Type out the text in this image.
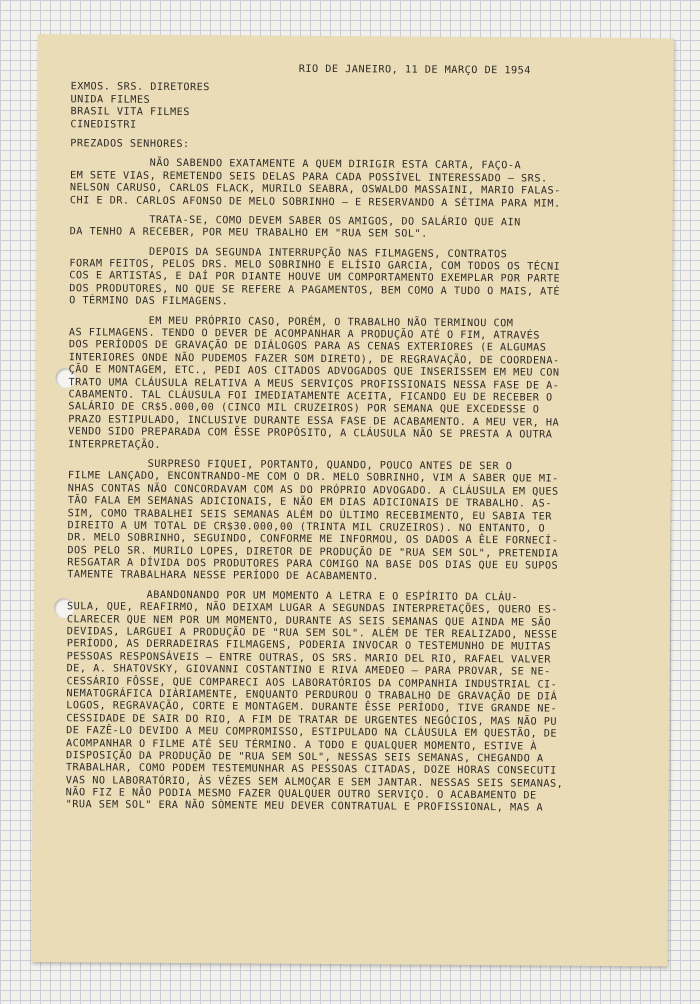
RIO DE JANEIRO, 11 DE MARÇO DE 1954
EXMOS. SRS. DIRETORES
UNIDA FILMES
BRASIL VITA FILMES
CINEDISTRI
PREZADOS SENHORES:
NÃO SABENDO EXATAMENTE A QUEM DIRIGIR ESTA CARTA, FAÇO-A
EM SETE VIAS, REMETENDO SEIS DELAS PARA CADA POSSÍVEL INTERESSADO — SRS.
NELSON CARUSO, CARLOS FLACK, MURILO SEABRA, OSWALDO MASSAINI, MARIO FALAS-
CHI E DR. CARLOS AFONSO DE MELO SOBRINHO — E RESERVANDO A SÉTIMA PARA MIM.
TRATA-SE, COMO DEVEM SABER OS AMIGOS, DO SALÁRIO QUE AIN
DA TENHO A RECEBER, POR MEU TRABALHO EM "RUA SEM SOL".
DEPOIS DA SEGUNDA INTERRUPÇÃO NAS FILMAGENS, CONTRATOS
FORAM FEITOS, PELOS DRS. MELO SOBRINHO E ELÍSIO GARCIA, COM TODOS OS TÉCNI
COS E ARTISTAS, E DAÍ POR DIANTE HOUVE UM COMPORTAMENTO EXEMPLAR POR PARTE
DOS PRODUTORES, NO QUE SE REFERE A PAGAMENTOS, BEM COMO A TUDO O MAIS, ATÉ
O TÉRMINO DAS FILMAGENS.
EM MEU PRÓPRIO CASO, PORÉM, O TRABALHO NÃO TERMINOU COM
AS FILMAGENS. TENDO O DEVER DE ACOMPANHAR A PRODUÇÃO ATÉ O FIM, ATRAVÉS
DOS PERÍODOS DE GRAVAÇÃO DE DIÁLOGOS PARA AS CENAS EXTERIORES (E ALGUMAS
INTERIORES ONDE NÃO PUDEMOS FAZER SOM DIRETO), DE REGRAVAÇÃO, DE COORDENA-
ÇÃO E MONTAGEM, ETC., PEDI AOS CITADOS ADVOGADOS QUE INSERISSEM EM MEU CON
TRATO UMA CLÁUSULA RELATIVA A MEUS SERVIÇOS PROFISSIONAIS NESSA FASE DE A-
CABAMENTO. TAL CLÁUSULA FOI IMEDIATAMENTE ACEITA, FICANDO EU DE RECEBER O
SALÁRIO DE CR$5.000,00 (CINCO MIL CRUZEIROS) POR SEMANA QUE EXCEDESSE O
PRAZO ESTIPULADO, INCLUSIVE DURANTE ESSA FASE DE ACABAMENTO. A MEU VER, HA
VENDO SIDO PREPARADA COM ÊSSE PROPÓSITO, A CLÁUSULA NÃO SE PRESTA A OUTRA
INTERPRETAÇÃO.
SURPRESO FIQUEI, PORTANTO, QUANDO, POUCO ANTES DE SER O
FILME LANÇADO, ENCONTRANDO-ME COM O DR. MELO SOBRINHO, VIM A SABER QUE MI-
NHAS CONTAS NÃO CONCORDAVAM COM AS DO PRÓPRIO ADVOGADO. A CLÁUSULA EM QUES
TÃO FALA EM SEMANAS ADICIONAIS, E NÃO EM DIAS ADICIONAIS DE TRABALHO. AS-
SIM, COMO TRABALHEI SEIS SEMANAS ALÉM DO ÚLTIMO RECEBIMENTO, EU SABIA TER
DIREITO A UM TOTAL DE CR$30.000,00 (TRINTA MIL CRUZEIROS). NO ENTANTO, O
DR. MELO SOBRINHO, SEGUINDO, CONFORME ME INFORMOU, OS DADOS A ÊLE FORNECÍ-
DOS PELO SR. MURILO LOPES, DIRETOR DE PRODUÇÃO DE "RUA SEM SOL", PRETENDIA
RESGATAR A DÍVIDA DOS PRODUTORES PARA COMIGO NA BASE DOS DIAS QUE EU SUPOS
TAMENTE TRABALHARA NESSE PERÍODO DE ACABAMENTO.
ABANDONANDO POR UM MOMENTO A LETRA E O ESPÍRITO DA CLÁU-
SULA, QUE, REAFIRMO, NÃO DEIXAM LUGAR A SEGUNDAS INTERPRETAÇÕES, QUERO ES-
CLARECER QUE NEM POR UM MOMENTO, DURANTE AS SEIS SEMANAS QUE AINDA ME SÃO
DEVIDAS, LARGUEI A PRODUÇÃO DE "RUA SEM SOL". ALÉM DE TER REALIZADO, NESSE
PERÍODO, AS DERRADEIRAS FILMAGENS, PODERIA INVOCAR O TESTEMUNHO DE MUITAS
PESSOAS RESPONSÁVEIS — ENTRE OUTRAS, OS SRS. MARIO DEL RIO, RAFAEL VALVER
DE, A. SHATOVSKY, GIOVANNI COSTANTINO E RIVA AMEDEO — PARA PROVAR, SE NE-
CESSÁRIO FÔSSE, QUE COMPARECI AOS LABORATÓRIOS DA COMPANHIA INDUSTRIAL CI-
NEMATOGRÁFICA DIÀRIAMENTE, ENQUANTO PERDUROU O TRABALHO DE GRAVAÇÃO DE DIÁ
LOGOS, REGRAVAÇÃO, CORTE E MONTAGEM. DURANTE ÊSSE PERÍODO, TIVE GRANDE NE-
CESSIDADE DE SAIR DO RIO, A FIM DE TRATAR DE URGENTES NEGÓCIOS, MAS NÃO PU
DE FAZÊ-LO DEVIDO A MEU COMPROMISSO, ESTIPULADO NA CLÁUSULA EM QUESTÃO, DE
ACOMPANHAR O FILME ATÉ SEU TÉRMINO. A TODO E QUALQUER MOMENTO, ESTIVE À
DISPOSIÇÃO DA PRODUÇÃO DE "RUA SEM SOL", NESSAS SEIS SEMANAS, CHEGANDO A
TRABALHAR, COMO PODEM TESTEMUNHAR AS PESSOAS CITADAS, DOZE HORAS CONSECUTI
VAS NO LABORATÓRIO, ÀS VÊZES SEM ALMOÇAR E SEM JANTAR. NESSAS SEIS SEMANAS,
NÃO FIZ E NÃO PODIA MESMO FAZER QUALQUER OUTRO SERVIÇO. O ACABAMENTO DE
"RUA SEM SOL" ERA NÃO SÒMENTE MEU DEVER CONTRATUAL E PROFISSIONAL, MAS A
